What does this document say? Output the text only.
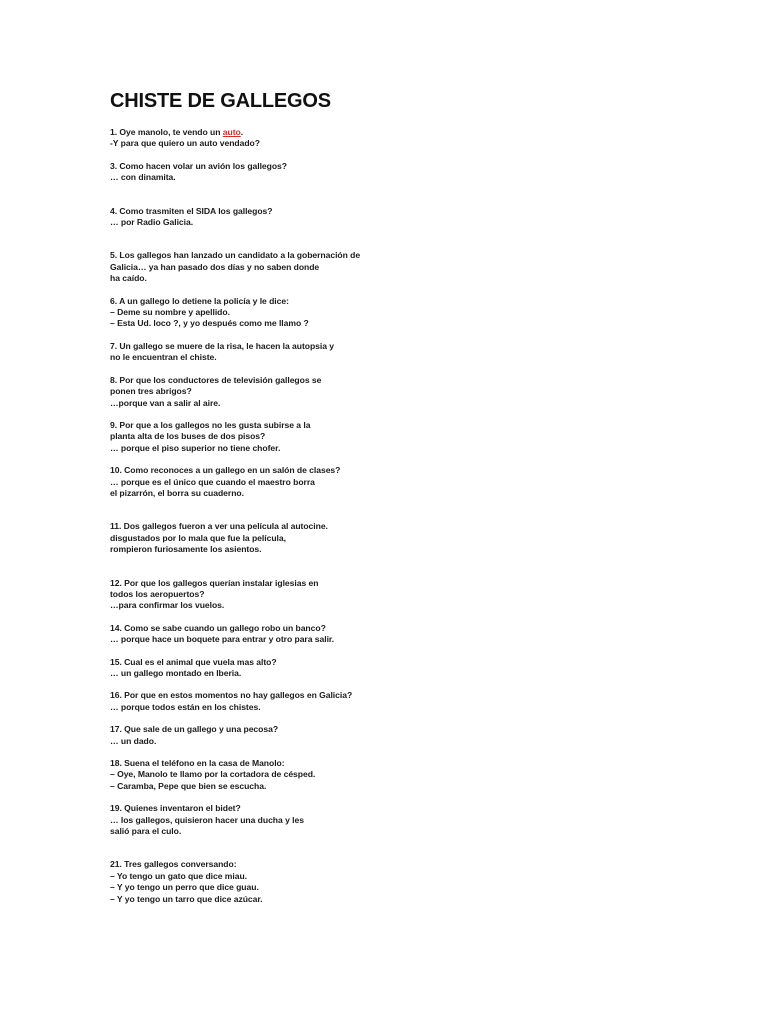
CHISTE DE GALLEGOS
1. Oye manolo, te vendo un auto.
-Y para que quiero un auto vendado?
3. Como hacen volar un avión los gallegos?
… con dinamita.
4. Como trasmiten el SIDA los gallegos?
… por Radio Galicia.
5. Los gallegos han lanzado un candidato a la gobernación de
Galicia… ya han pasado dos días y no saben donde
ha caído.
6. A un gallego lo detiene la policía y le dice:
– Deme su nombre y apellido.
– Esta Ud. loco ?, y yo después como me llamo ?
7. Un gallego se muere de la risa, le hacen la autopsia y
no le encuentran el chiste.
8. Por que los conductores de televisión gallegos se
ponen tres abrigos?
…porque van a salir al aire.
9. Por que a los gallegos no les gusta subirse a la
planta alta de los buses de dos pisos?
… porque el piso superior no tiene chofer.
10. Como reconoces a un gallego en un salón de clases?
… porque es el único que cuando el maestro borra
el pizarrón, el borra su cuaderno.
11. Dos gallegos fueron a ver una película al autocine.
disgustados por lo mala que fue la película,
rompieron furiosamente los asientos.
12. Por que los gallegos querían instalar iglesias en
todos los aeropuertos?
…para confirmar los vuelos.
14. Como se sabe cuando un gallego robo un banco?
… porque hace un boquete para entrar y otro para salir.
15. Cual es el animal que vuela mas alto?
… un gallego montado en Iberia.
16. Por que en estos momentos no hay gallegos en Galicia?
… porque todos están en los chistes.
17. Que sale de un gallego y una pecosa?
… un dado.
18. Suena el teléfono en la casa de Manolo:
– Oye, Manolo te llamo por la cortadora de césped.
– Caramba, Pepe que bien se escucha.
19. Quienes inventaron el bidet?
… los gallegos, quisieron hacer una ducha y les
salió para el culo.
21. Tres gallegos conversando:
– Yo tengo un gato que dice miau.
– Y yo tengo un perro que dice guau.
– Y yo tengo un tarro que dice azúcar.
